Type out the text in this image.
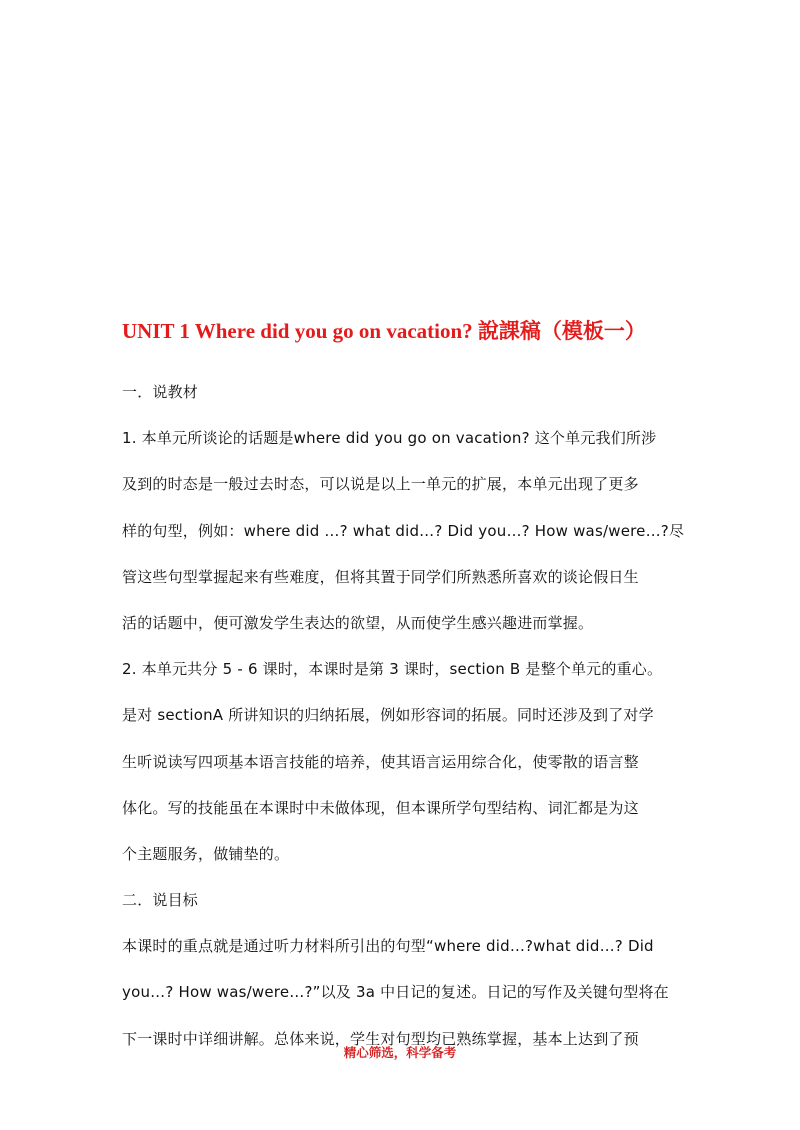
UNIT 1 Where did you go on vacation? 說課稿（模板一）
一．说教材
1. 本单元所谈论的话题是where did you go on vacation? 这个单元我们所涉
及到的时态是一般过去时态，可以说是以上一单元的扩展，本单元出现了更多
样的句型，例如：where did …? what did…? Did you…? How was/were…?尽
管这些句型掌握起来有些难度，但将其置于同学们所熟悉所喜欢的谈论假日生
活的话题中，便可激发学生表达的欲望，从而使学生感兴趣进而掌握。
2. 本单元共分 5 - 6 课时，本课时是第 3 课时，section B 是整个单元的重心。
是对 sectionA 所讲知识的归纳拓展，例如形容词的拓展。同时还涉及到了对学
生听说读写四项基本语言技能的培养，使其语言运用综合化，使零散的语言整
体化。写的技能虽在本课时中未做体现，但本课所学句型结构、词汇都是为这
个主题服务，做铺垫的。
二．说目标
本课时的重点就是通过听力材料所引出的句型“where did…?what did…? Did
you…? How was/were…?”以及 3a 中日记的复述。日记的写作及关键句型将在
下一课时中详细讲解。总体来说，学生对句型均已熟练掌握，基本上达到了预
精心筛选，科学备考
